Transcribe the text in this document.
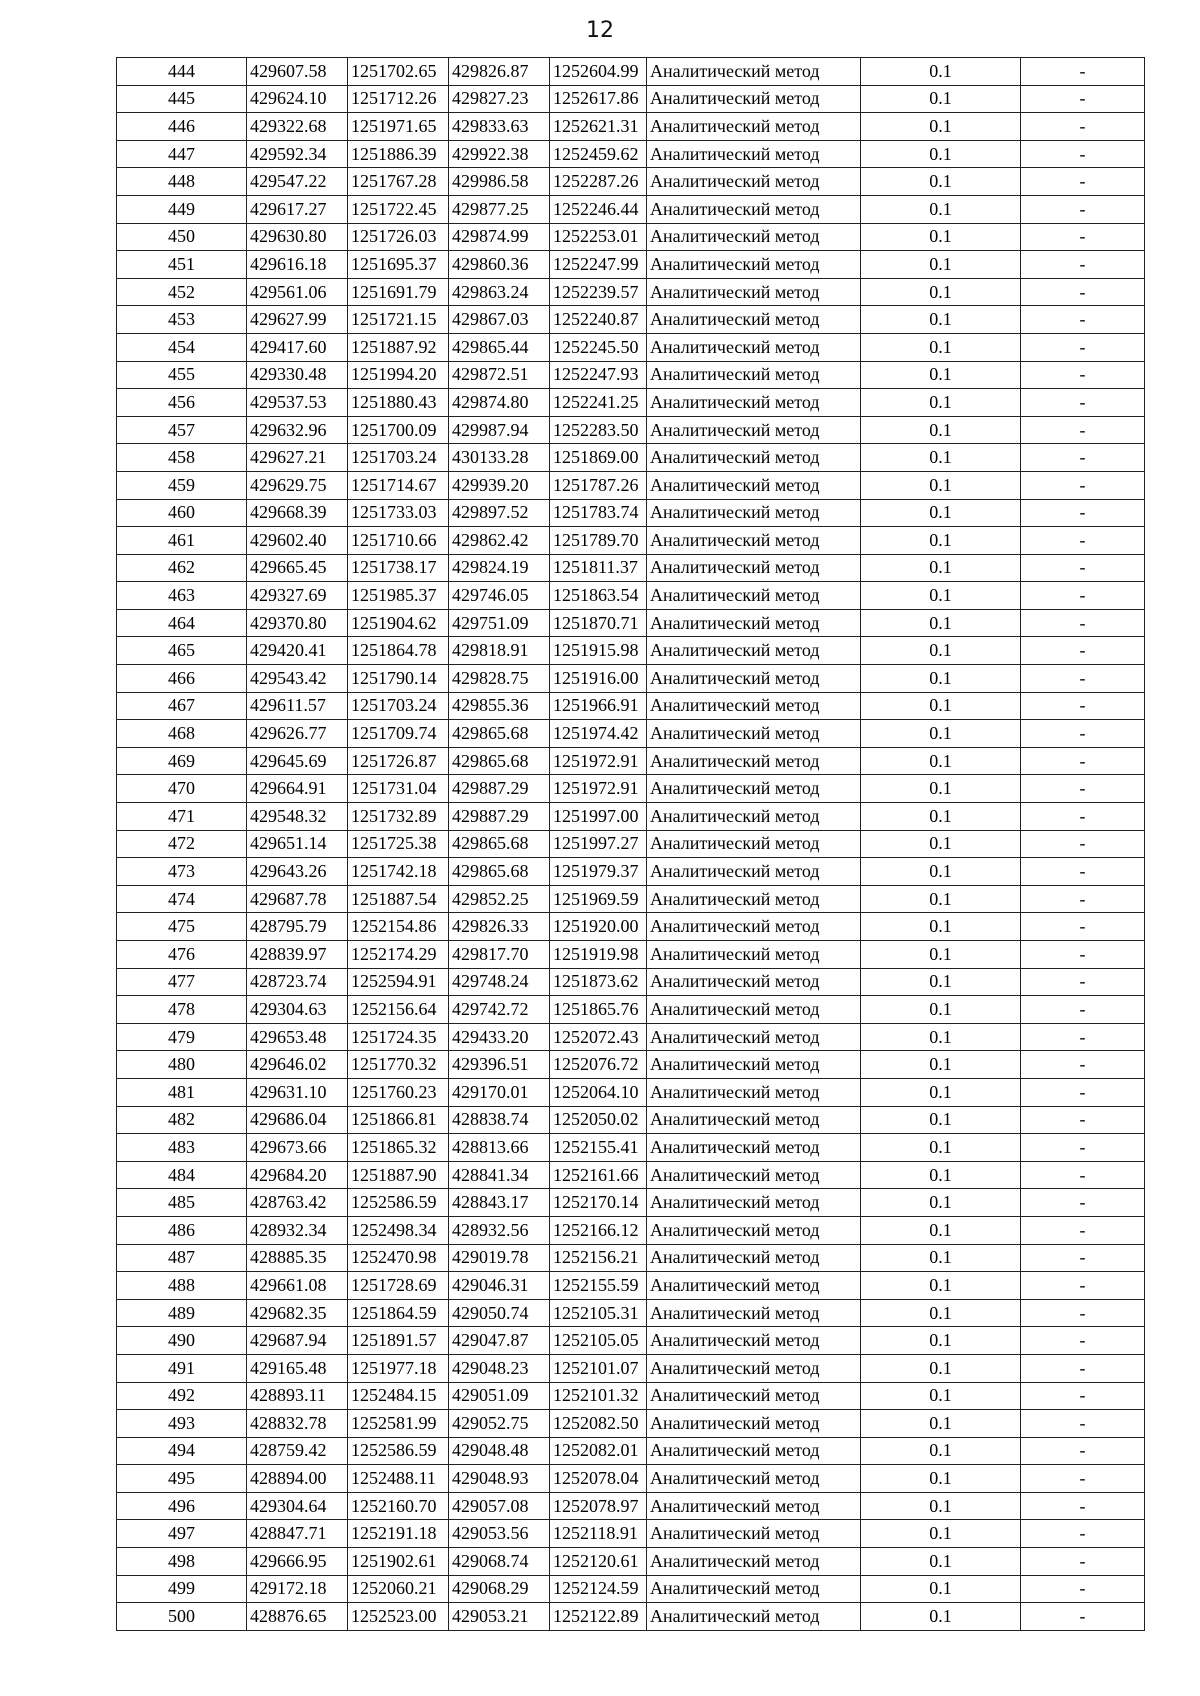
12
444	429607.58	1251702.65	429826.87	1252604.99	Аналитический метод	0.1	-
445	429624.10	1251712.26	429827.23	1252617.86	Аналитический метод	0.1	-
446	429322.68	1251971.65	429833.63	1252621.31	Аналитический метод	0.1	-
447	429592.34	1251886.39	429922.38	1252459.62	Аналитический метод	0.1	-
448	429547.22	1251767.28	429986.58	1252287.26	Аналитический метод	0.1	-
449	429617.27	1251722.45	429877.25	1252246.44	Аналитический метод	0.1	-
450	429630.80	1251726.03	429874.99	1252253.01	Аналитический метод	0.1	-
451	429616.18	1251695.37	429860.36	1252247.99	Аналитический метод	0.1	-
452	429561.06	1251691.79	429863.24	1252239.57	Аналитический метод	0.1	-
453	429627.99	1251721.15	429867.03	1252240.87	Аналитический метод	0.1	-
454	429417.60	1251887.92	429865.44	1252245.50	Аналитический метод	0.1	-
455	429330.48	1251994.20	429872.51	1252247.93	Аналитический метод	0.1	-
456	429537.53	1251880.43	429874.80	1252241.25	Аналитический метод	0.1	-
457	429632.96	1251700.09	429987.94	1252283.50	Аналитический метод	0.1	-
458	429627.21	1251703.24	430133.28	1251869.00	Аналитический метод	0.1	-
459	429629.75	1251714.67	429939.20	1251787.26	Аналитический метод	0.1	-
460	429668.39	1251733.03	429897.52	1251783.74	Аналитический метод	0.1	-
461	429602.40	1251710.66	429862.42	1251789.70	Аналитический метод	0.1	-
462	429665.45	1251738.17	429824.19	1251811.37	Аналитический метод	0.1	-
463	429327.69	1251985.37	429746.05	1251863.54	Аналитический метод	0.1	-
464	429370.80	1251904.62	429751.09	1251870.71	Аналитический метод	0.1	-
465	429420.41	1251864.78	429818.91	1251915.98	Аналитический метод	0.1	-
466	429543.42	1251790.14	429828.75	1251916.00	Аналитический метод	0.1	-
467	429611.57	1251703.24	429855.36	1251966.91	Аналитический метод	0.1	-
468	429626.77	1251709.74	429865.68	1251974.42	Аналитический метод	0.1	-
469	429645.69	1251726.87	429865.68	1251972.91	Аналитический метод	0.1	-
470	429664.91	1251731.04	429887.29	1251972.91	Аналитический метод	0.1	-
471	429548.32	1251732.89	429887.29	1251997.00	Аналитический метод	0.1	-
472	429651.14	1251725.38	429865.68	1251997.27	Аналитический метод	0.1	-
473	429643.26	1251742.18	429865.68	1251979.37	Аналитический метод	0.1	-
474	429687.78	1251887.54	429852.25	1251969.59	Аналитический метод	0.1	-
475	428795.79	1252154.86	429826.33	1251920.00	Аналитический метод	0.1	-
476	428839.97	1252174.29	429817.70	1251919.98	Аналитический метод	0.1	-
477	428723.74	1252594.91	429748.24	1251873.62	Аналитический метод	0.1	-
478	429304.63	1252156.64	429742.72	1251865.76	Аналитический метод	0.1	-
479	429653.48	1251724.35	429433.20	1252072.43	Аналитический метод	0.1	-
480	429646.02	1251770.32	429396.51	1252076.72	Аналитический метод	0.1	-
481	429631.10	1251760.23	429170.01	1252064.10	Аналитический метод	0.1	-
482	429686.04	1251866.81	428838.74	1252050.02	Аналитический метод	0.1	-
483	429673.66	1251865.32	428813.66	1252155.41	Аналитический метод	0.1	-
484	429684.20	1251887.90	428841.34	1252161.66	Аналитический метод	0.1	-
485	428763.42	1252586.59	428843.17	1252170.14	Аналитический метод	0.1	-
486	428932.34	1252498.34	428932.56	1252166.12	Аналитический метод	0.1	-
487	428885.35	1252470.98	429019.78	1252156.21	Аналитический метод	0.1	-
488	429661.08	1251728.69	429046.31	1252155.59	Аналитический метод	0.1	-
489	429682.35	1251864.59	429050.74	1252105.31	Аналитический метод	0.1	-
490	429687.94	1251891.57	429047.87	1252105.05	Аналитический метод	0.1	-
491	429165.48	1251977.18	429048.23	1252101.07	Аналитический метод	0.1	-
492	428893.11	1252484.15	429051.09	1252101.32	Аналитический метод	0.1	-
493	428832.78	1252581.99	429052.75	1252082.50	Аналитический метод	0.1	-
494	428759.42	1252586.59	429048.48	1252082.01	Аналитический метод	0.1	-
495	428894.00	1252488.11	429048.93	1252078.04	Аналитический метод	0.1	-
496	429304.64	1252160.70	429057.08	1252078.97	Аналитический метод	0.1	-
497	428847.71	1252191.18	429053.56	1252118.91	Аналитический метод	0.1	-
498	429666.95	1251902.61	429068.74	1252120.61	Аналитический метод	0.1	-
499	429172.18	1252060.21	429068.29	1252124.59	Аналитический метод	0.1	-
500	428876.65	1252523.00	429053.21	1252122.89	Аналитический метод	0.1	-
